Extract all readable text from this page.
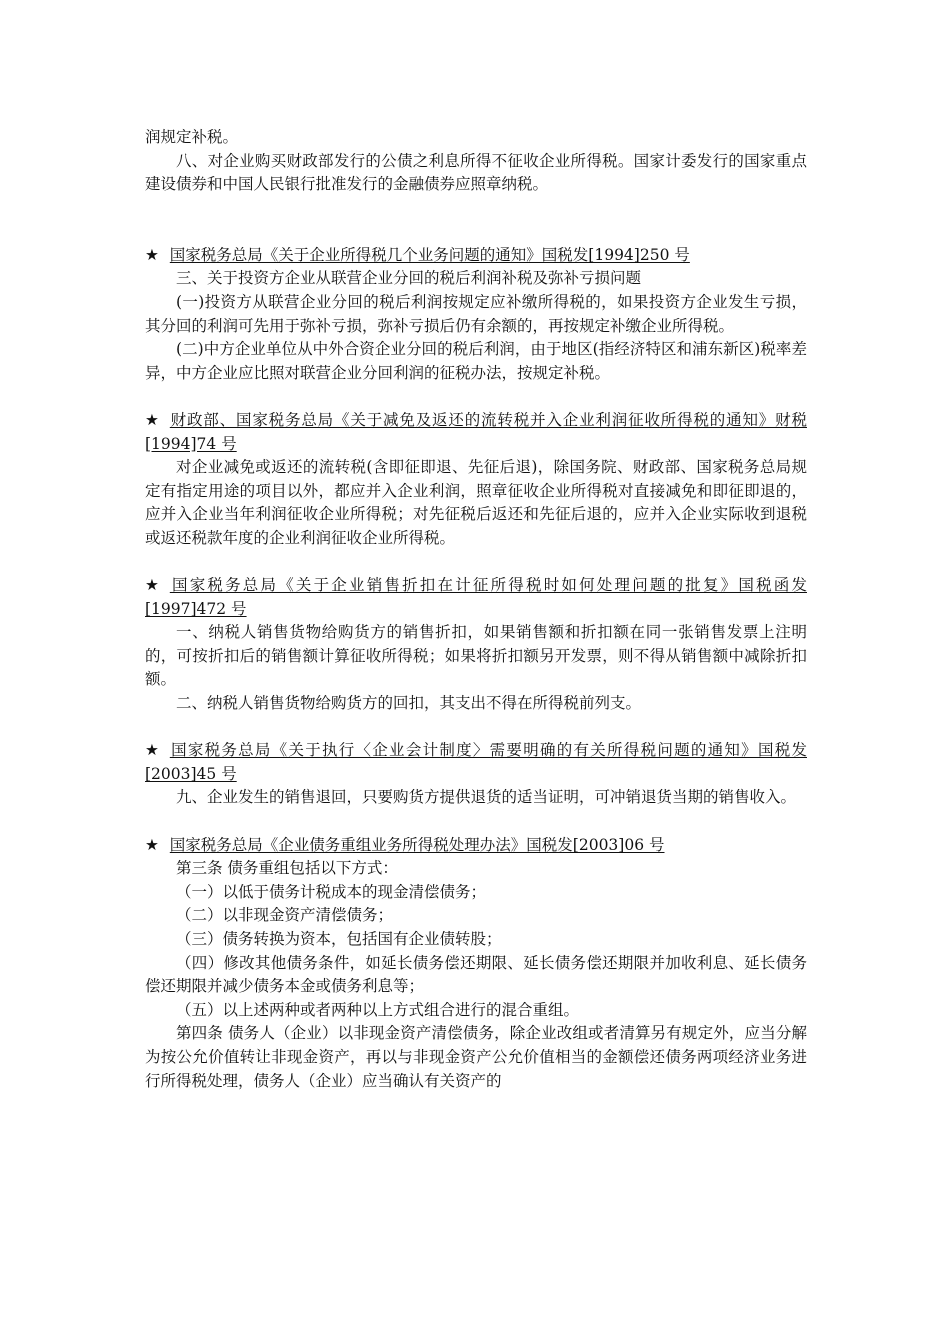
润规定补税。

八、对企业购买财政部发行的公债之利息所得不征收企业所得税。国家计委发行的国家重点建设债券和中国人民银行批准发行的金融债券应照章纳税。

★ 国家税务总局《关于企业所得税几个业务问题的通知》国税发[1994]250 号

三、关于投资方企业从联营企业分回的税后利润补税及弥补亏损问题

(一)投资方从联营企业分回的税后利润按规定应补缴所得税的，如果投资方企业发生亏损，其分回的利润可先用于弥补亏损，弥补亏损后仍有余额的，再按规定补缴企业所得税。

(二)中方企业单位从中外合资企业分回的税后利润，由于地区(指经济特区和浦东新区)税率差异，中方企业应比照对联营企业分回利润的征税办法，按规定补税。

★ 财政部、国家税务总局《关于减免及返还的流转税并入企业利润征收所得税的通知》财税[1994]74 号

对企业减免或返还的流转税(含即征即退、先征后退)，除国务院、财政部、国家税务总局规定有指定用途的项目以外，都应并入企业利润，照章征收企业所得税对直接减免和即征即退的，应并入企业当年利润征收企业所得税；对先征税后返还和先征后退的，应并入企业实际收到退税或返还税款年度的企业利润征收企业所得税。

★ 国家税务总局《关于企业销售折扣在计征所得税时如何处理问题的批复》国税函发[1997]472 号

一、纳税人销售货物给购货方的销售折扣，如果销售额和折扣额在同一张销售发票上注明的，可按折扣后的销售额计算征收所得税；如果将折扣额另开发票，则不得从销售额中减除折扣额。

二、纳税人销售货物给购货方的回扣，其支出不得在所得税前列支。

★ 国家税务总局《关于执行〈企业会计制度〉需要明确的有关所得税问题的通知》国税发[2003]45 号

九、企业发生的销售退回，只要购货方提供退货的适当证明，可冲销退货当期的销售收入。

★ 国家税务总局《企业债务重组业务所得税处理办法》国税发[2003]06 号

第三条 债务重组包括以下方式：

（一）以低于债务计税成本的现金清偿债务；

（二）以非现金资产清偿债务；

（三）债务转换为资本，包括国有企业债转股；

（四）修改其他债务条件，如延长债务偿还期限、延长债务偿还期限并加收利息、延长债务偿还期限并减少债务本金或债务利息等；

（五）以上述两种或者两种以上方式组合进行的混合重组。

第四条 债务人（企业）以非现金资产清偿债务，除企业改组或者清算另有规定外，应当分解为按公允价值转让非现金资产，再以与非现金资产公允价值相当的金额偿还债务两项经济业务进行所得税处理，债务人（企业）应当确认有关资产的
